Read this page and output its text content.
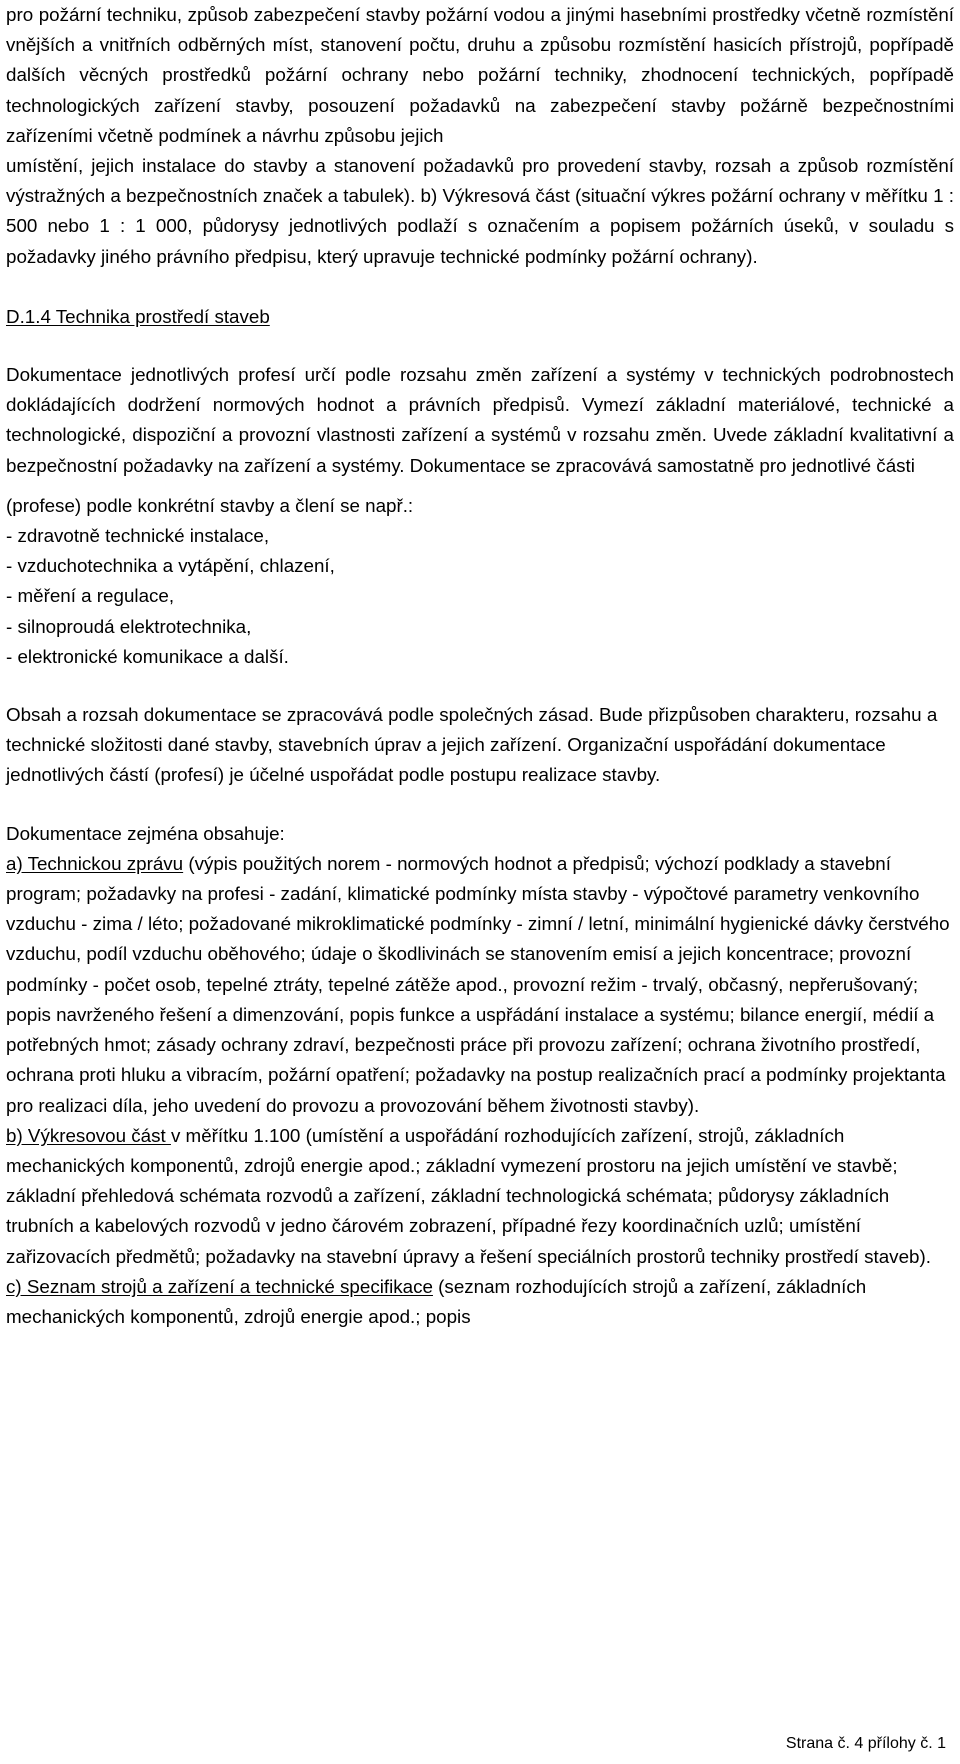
pro požární techniku, způsob zabezpečení stavby požární vodou a jinými hasebními prostředky včetně rozmístění vnějších a vnitřních odběrných míst, stanovení počtu, druhu a způsobu rozmístění hasicích přístrojů, popřípadě dalších věcných prostředků požární ochrany nebo požární techniky, zhodnocení technických, popřípadě technologických zařízení stavby, posouzení požadavků na zabezpečení stavby požárně bezpečnostními zařízeními včetně podmínek a návrhu způsobu jejich

umístění, jejich instalace do stavby a stanovení požadavků pro provedení stavby, rozsah a způsob rozmístění výstražných a bezpečnostních značek a tabulek). b) Výkresová část (situační výkres požární ochrany v měřítku 1 : 500 nebo 1 : 1 000, půdorysy jednotlivých podlaží s označením a popisem požárních úseků, v souladu s požadavky jiného právního předpisu, který upravuje technické podmínky požární ochrany).

D.1.4 Technika prostředí staveb

Dokumentace jednotlivých profesí určí podle rozsahu změn zařízení a systémy v technických podrobnostech dokládajících dodržení normových hodnot a právních předpisů. Vymezí základní materiálové, technické a technologické, dispoziční a provozní vlastnosti zařízení a systémů v rozsahu změn. Uvede základní kvalitativní a bezpečnostní požadavky na zařízení a systémy. Dokumentace se zpracovává samostatně pro jednotlivé části

(profese) podle konkrétní stavby a člení se např.:

- zdravotně technické instalace,
- vzduchotechnika a vytápění, chlazení,
- měření a regulace,
- silnoproudá elektrotechnika,
- elektronické komunikace a další.

Obsah a rozsah dokumentace se zpracovává podle společných zásad. Bude přizpůsoben charakteru, rozsahu a technické složitosti dané stavby, stavebních úprav a jejich zařízení. Organizační uspořádání dokumentace jednotlivých částí (profesí) je účelné uspořádat podle postupu realizace stavby.

Dokumentace zejména obsahuje:

a) Technickou zprávu (výpis použitých norem - normových hodnot a předpisů; výchozí podklady a stavební program; požadavky na profesi - zadání, klimatické podmínky místa stavby - výpočtové parametry venkovního vzduchu - zima / léto; požadované mikroklimatické podmínky - zimní / letní, minimální hygienické dávky čerstvého vzduchu, podíl vzduchu oběhového; údaje o škodlivinách se stanovením emisí a jejich koncentrace; provozní podmínky - počet osob, tepelné ztráty, tepelné zátěže apod., provozní režim - trvalý, občasný, nepřerušovaný; popis navrženého řešení a dimenzování, popis funkce a uspřádání instalace a systému; bilance energií, médií a potřebných hmot; zásady ochrany zdraví, bezpečnosti práce při provozu zařízení; ochrana životního prostředí, ochrana proti hluku a vibracím, požární opatření; požadavky na postup realizačních prací a podmínky projektanta pro realizaci díla, jeho uvedení do provozu a provozování během životnosti stavby).

b) Výkresovou část v měřítku 1.100 (umístění a uspořádání rozhodujících zařízení, strojů, základních mechanických komponentů, zdrojů energie apod.; základní vymezení prostoru na jejich umístění ve stavbě; základní přehledová schémata rozvodů a zařízení, základní technologická schémata; půdorysy základních trubních a kabelových rozvodů v jedno čárovém zobrazení, případné řezy koordinačních uzlů; umístění zařizovacích předmětů; požadavky na stavební úpravy a řešení speciálních prostorů techniky prostředí staveb).

c) Seznam strojů a zařízení a technické specifikace (seznam rozhodujících strojů a zařízení, základních mechanických komponentů, zdrojů energie apod.; popis

Strana č. 4 přílohy č. 1
